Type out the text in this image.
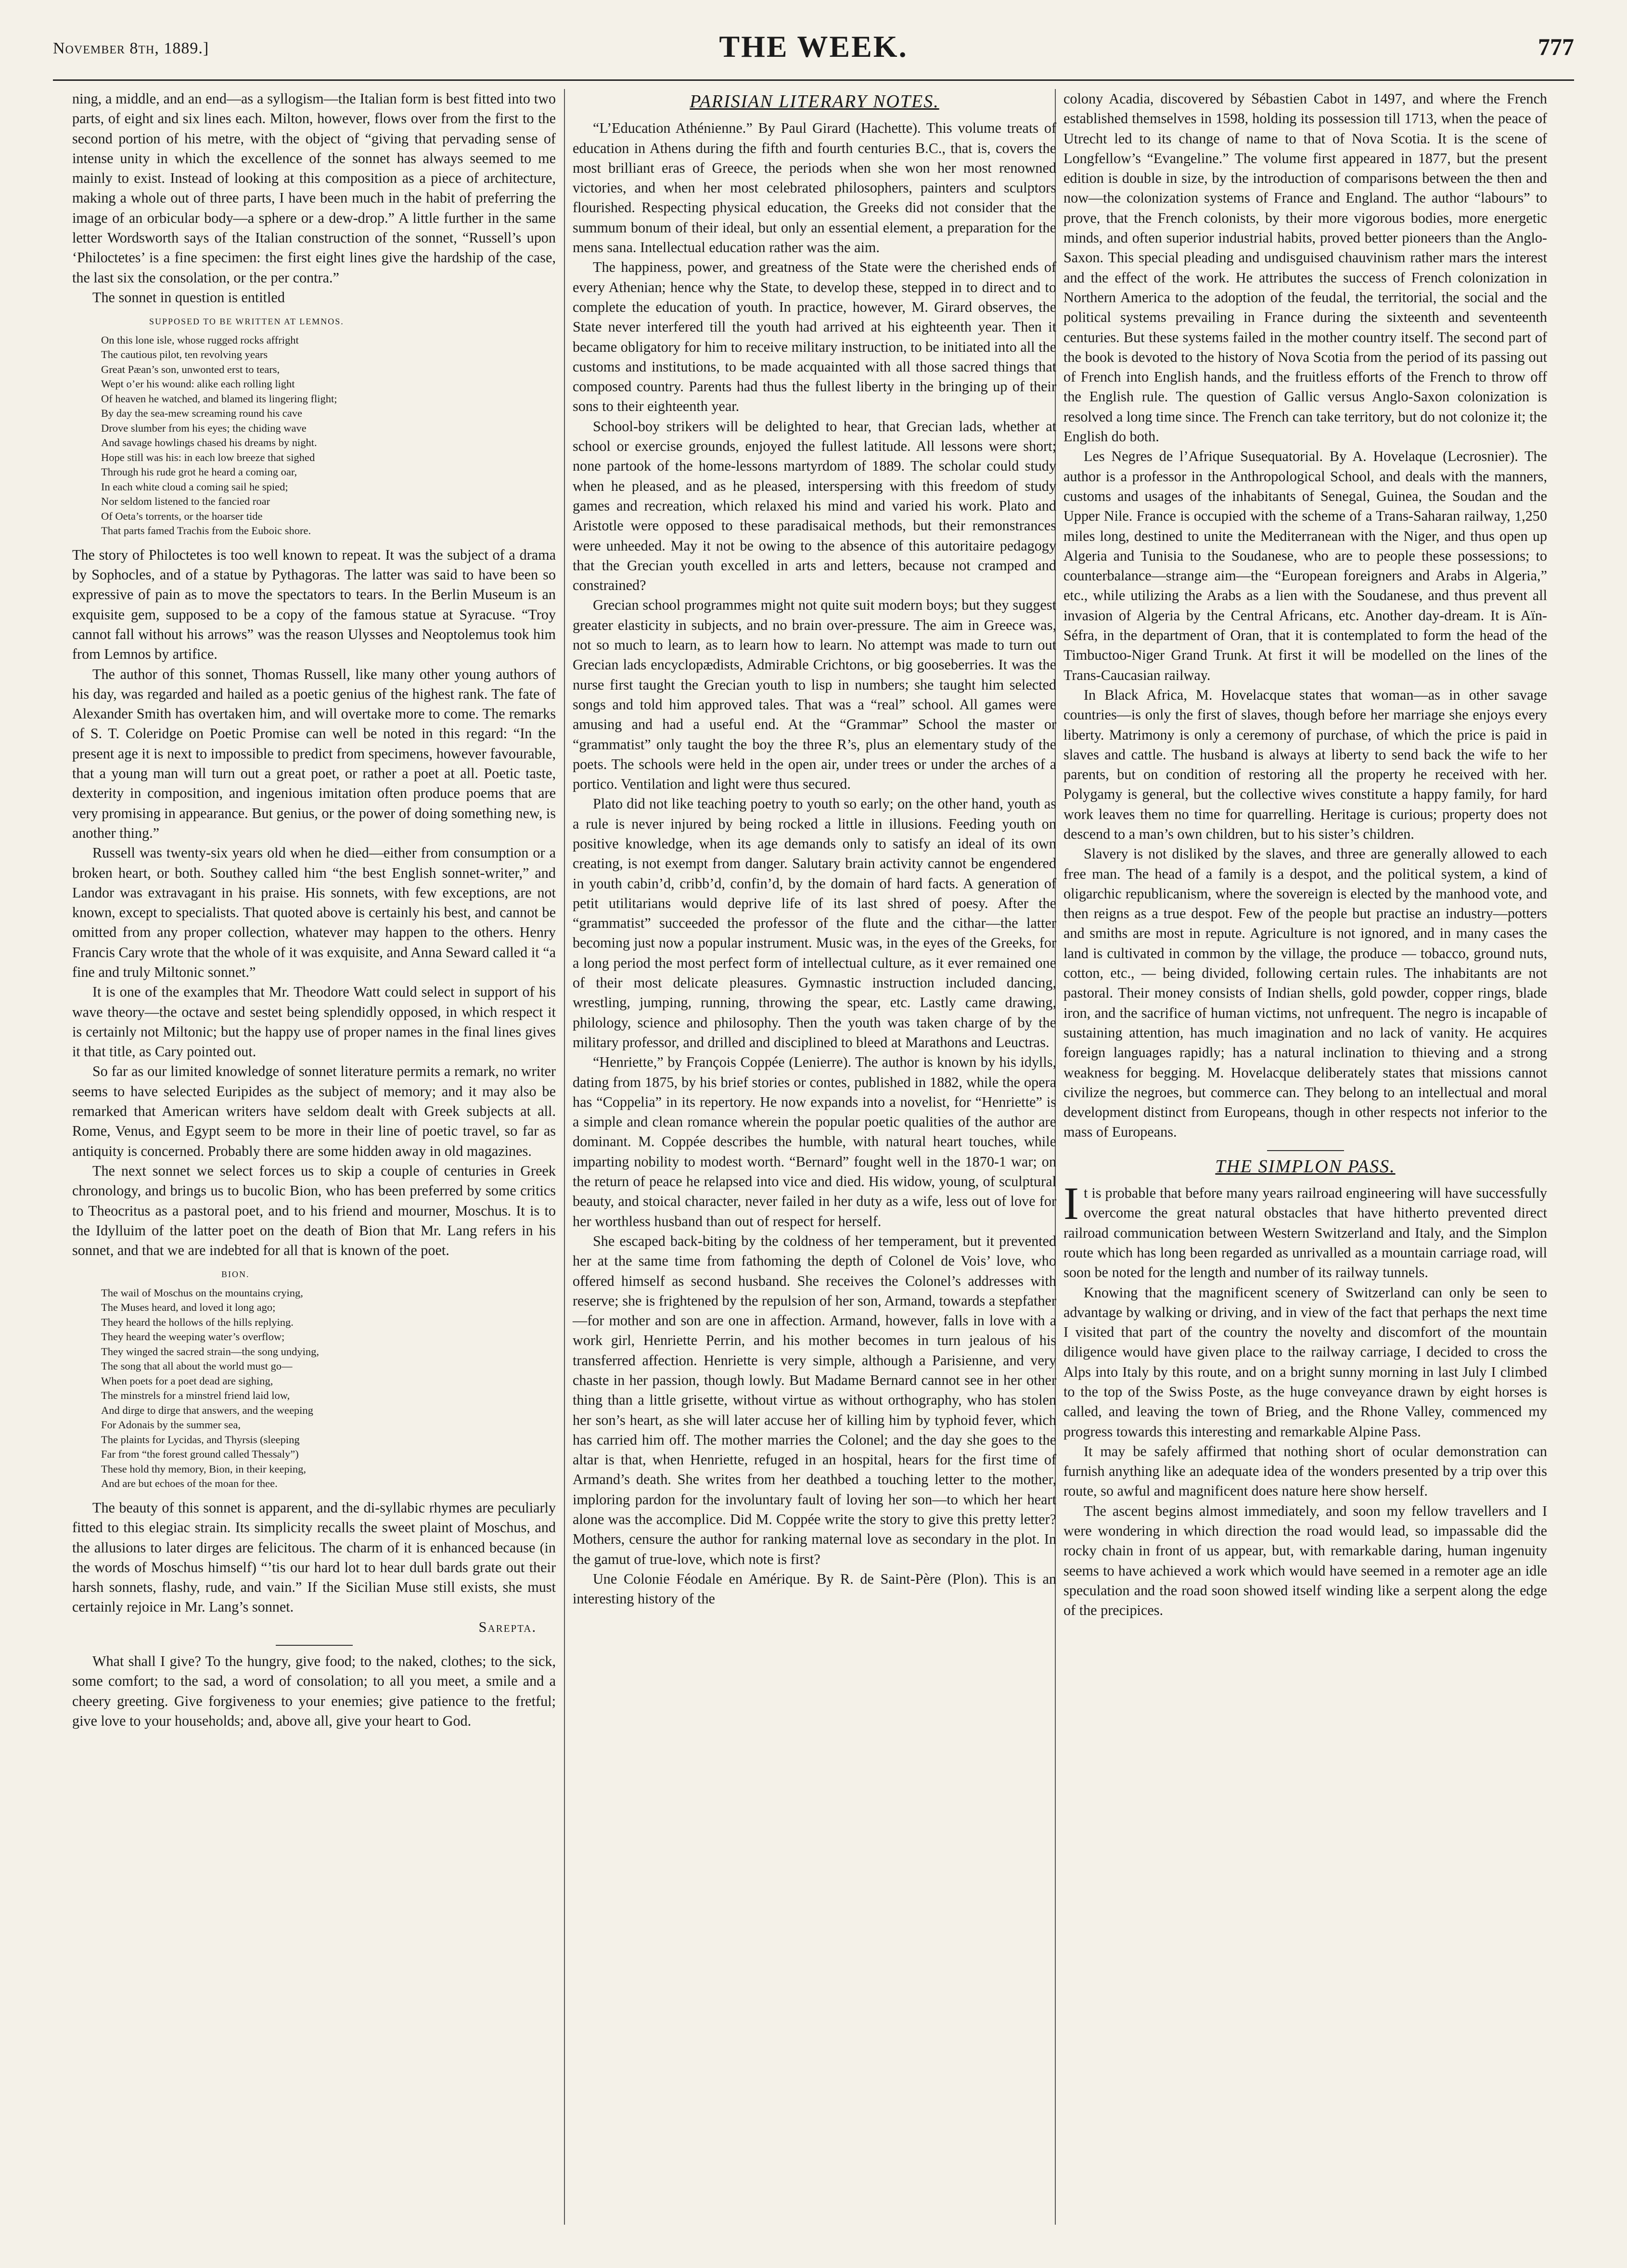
November 8th, 1889.]	THE WEEK.	777

ning, a middle, and an end—as a syllogism—the Italian form is best fitted into two parts, of eight and six lines each. Milton, however, flows over from the first to the second portion of his metre, with the object of “giving that pervading sense of intense unity in which the excellence of the sonnet has always seemed to me mainly to exist. Instead of looking at this composition as a piece of architecture, making a whole out of three parts, I have been much in the habit of preferring the image of an orbicular body—a sphere or a dew-drop.” A little further in the same letter Wordsworth says of the Italian construction of the sonnet, “Russell’s upon ‘Philoctetes’ is a fine specimen: the first eight lines give the hardship of the case, the last six the consolation, or the per contra.”

The sonnet in question is entitled

SUPPOSED TO BE WRITTEN AT LEMNOS.
On this lone isle, whose rugged rocks affright
The cautious pilot, ten revolving years
Great Pæan’s son, unwonted erst to tears,
Wept o’er his wound: alike each rolling light
Of heaven he watched, and blamed its lingering flight;
By day the sea-mew screaming round his cave
Drove slumber from his eyes; the chiding wave
And savage howlings chased his dreams by night.
Hope still was his: in each low breeze that sighed
Through his rude grot he heard a coming oar,
In each white cloud a coming sail he spied;
Nor seldom listened to the fancied roar
Of Oeta’s torrents, or the hoarser tide
That parts famed Trachis from the Euboic shore.

The story of Philoctetes is too well known to repeat. It was the subject of a drama by Sophocles, and of a statue by Pythagoras. The latter was said to have been so expressive of pain as to move the spectators to tears. In the Berlin Museum is an exquisite gem, supposed to be a copy of the famous statue at Syracuse. “Troy cannot fall without his arrows” was the reason Ulysses and Neoptolemus took him from Lemnos by artifice.

The author of this sonnet, Thomas Russell, like many other young authors of his day, was regarded and hailed as a poetic genius of the highest rank. The fate of Alexander Smith has overtaken him, and will overtake more to come. The remarks of S. T. Coleridge on Poetic Promise can well be noted in this regard: “In the present age it is next to impossible to predict from specimens, however favourable, that a young man will turn out a great poet, or rather a poet at all. Poetic taste, dexterity in composition, and ingenious imitation often produce poems that are very promising in appearance. But genius, or the power of doing something new, is another thing.”

Russell was twenty-six years old when he died—either from consumption or a broken heart, or both. Southey called him “the best English sonnet-writer,” and Landor was extravagant in his praise. His sonnets, with few exceptions, are not known, except to specialists. That quoted above is certainly his best, and cannot be omitted from any proper collection, whatever may happen to the others. Henry Francis Cary wrote that the whole of it was exquisite, and Anna Seward called it “a fine and truly Miltonic sonnet.”

It is one of the examples that Mr. Theodore Watt could select in support of his wave theory—the octave and sestet being splendidly opposed, in which respect it is certainly not Miltonic; but the happy use of proper names in the final lines gives it that title, as Cary pointed out.

So far as our limited knowledge of sonnet literature permits a remark, no writer seems to have selected Euripides as the subject of memory; and it may also be remarked that American writers have seldom dealt with Greek subjects at all. Rome, Venus, and Egypt seem to be more in their line of poetic travel, so far as antiquity is concerned. Probably there are some hidden away in old magazines.

The next sonnet we select forces us to skip a couple of centuries in Greek chronology, and brings us to bucolic Bion, who has been preferred by some critics to Theocritus as a pastoral poet, and to his friend and mourner, Moschus. It is to the Idylluim of the latter poet on the death of Bion that Mr. Lang refers in his sonnet, and that we are indebted for all that is known of the poet.

BION.
The wail of Moschus on the mountains crying,
The Muses heard, and loved it long ago;
They heard the hollows of the hills replying.
They heard the weeping water’s overflow;
They winged the sacred strain—the song undying,
The song that all about the world must go—
When poets for a poet dead are sighing,
The minstrels for a minstrel friend laid low,
And dirge to dirge that answers, and the weeping
For Adonais by the summer sea,
The plaints for Lycidas, and Thyrsis (sleeping
Far from “the forest ground called Thessaly”)
These hold thy memory, Bion, in their keeping,
And are but echoes of the moan for thee.

The beauty of this sonnet is apparent, and the di-syllabic rhymes are peculiarly fitted to this elegiac strain. Its simplicity recalls the sweet plaint of Moschus, and the allusions to later dirges are felicitous. The charm of it is enhanced because (in the words of Moschus himself) “’tis our hard lot to hear dull bards grate out their harsh sonnets, flashy, rude, and vain.” If the Sicilian Muse still exists, she must certainly rejoice in Mr. Lang’s sonnet.

Sarepta.

What shall I give? To the hungry, give food; to the naked, clothes; to the sick, some comfort; to the sad, a word of consolation; to all you meet, a smile and a cheery greeting. Give forgiveness to your enemies; give patience to the fretful; give love to your households; and, above all, give your heart to God.

PARISIAN LITERARY NOTES.

“L’Education Athénienne.” By Paul Girard (Hachette). This volume treats of education in Athens during the fifth and fourth centuries B.C., that is, covers the most brilliant eras of Greece, the periods when she won her most renowned victories, and when her most celebrated philosophers, painters and sculptors flourished. Respecting physical education, the Greeks did not consider that the summum bonum of their ideal, but only an essential element, a preparation for the mens sana. Intellectual education rather was the aim.

The happiness, power, and greatness of the State were the cherished ends of every Athenian; hence why the State, to develop these, stepped in to direct and to complete the education of youth. In practice, however, M. Girard observes, the State never interfered till the youth had arrived at his eighteenth year. Then it became obligatory for him to receive military instruction, to be initiated into all the customs and institutions, to be made acquainted with all those sacred things that composed country. Parents had thus the fullest liberty in the bringing up of their sons to their eighteenth year.

School-boy strikers will be delighted to hear, that Grecian lads, whether at school or exercise grounds, enjoyed the fullest latitude. All lessons were short; none partook of the home-lessons martyrdom of 1889. The scholar could study when he pleased, and as he pleased, interspersing with this freedom of study games and recreation, which relaxed his mind and varied his work. Plato and Aristotle were opposed to these paradisaical methods, but their remonstrances were unheeded. May it not be owing to the absence of this autoritaire pedagogy that the Grecian youth excelled in arts and letters, because not cramped and constrained?

Grecian school programmes might not quite suit modern boys; but they suggest greater elasticity in subjects, and no brain over-pressure. The aim in Greece was, not so much to learn, as to learn how to learn. No attempt was made to turn out Grecian lads encyclopædists, Admirable Crichtons, or big gooseberries. It was the nurse first taught the Grecian youth to lisp in numbers; she taught him selected songs and told him approved tales. That was a “real” school. All games were amusing and had a useful end. At the “Grammar” School the master or “grammatist” only taught the boy the three R’s, plus an elementary study of the poets. The schools were held in the open air, under trees or under the arches of a portico. Ventilation and light were thus secured.

Plato did not like teaching poetry to youth so early; on the other hand, youth as a rule is never injured by being rocked a little in illusions. Feeding youth on positive knowledge, when its age demands only to satisfy an ideal of its own creating, is not exempt from danger. Salutary brain activity cannot be engendered in youth cabin’d, cribb’d, confin’d, by the domain of hard facts. A generation of petit utilitarians would deprive life of its last shred of poesy. After the “grammatist” succeeded the professor of the flute and the cithar—the latter becoming just now a popular instrument. Music was, in the eyes of the Greeks, for a long period the most perfect form of intellectual culture, as it ever remained one of their most delicate pleasures. Gymnastic instruction included dancing, wrestling, jumping, running, throwing the spear, etc. Lastly came drawing, philology, science and philosophy. Then the youth was taken charge of by the military professor, and drilled and disciplined to bleed at Marathons and Leuctras.

“Henriette,” by François Coppée (Lenierre). The author is known by his idylls, dating from 1875, by his brief stories or contes, published in 1882, while the opera has “Coppelia” in its repertory. He now expands into a novelist, for “Henriette” is a simple and clean romance wherein the popular poetic qualities of the author are dominant. M. Coppée describes the humble, with natural heart touches, while imparting nobility to modest worth. “Bernard” fought well in the 1870-1 war; on the return of peace he relapsed into vice and died. His widow, young, of sculptural beauty, and stoical character, never failed in her duty as a wife, less out of love for her worthless husband than out of respect for herself.

She escaped back-biting by the coldness of her temperament, but it prevented her at the same time from fathoming the depth of Colonel de Vois’ love, who offered himself as second husband. She receives the Colonel’s addresses with reserve; she is frightened by the repulsion of her son, Armand, towards a stepfather—for mother and son are one in affection. Armand, however, falls in love with a work girl, Henriette Perrin, and his mother becomes in turn jealous of his transferred affection. Henriette is very simple, although a Parisienne, and very chaste in her passion, though lowly. But Madame Bernard cannot see in her other thing than a little grisette, without virtue as without orthography, who has stolen her son’s heart, as she will later accuse her of killing him by typhoid fever, which has carried him off. The mother marries the Colonel; and the day she goes to the altar is that, when Henriette, refuged in an hospital, hears for the first time of Armand’s death. She writes from her deathbed a touching letter to the mother, imploring pardon for the involuntary fault of loving her son—to which her heart alone was the accomplice. Did M. Coppée write the story to give this pretty letter? Mothers, censure the author for ranking maternal love as secondary in the plot. In the gamut of true-love, which note is first?

Une Colonie Féodale en Amérique. By R. de Saint-Père (Plon). This is an interesting history of the

colony Acadia, discovered by Sébastien Cabot in 1497, and where the French established themselves in 1598, holding its possession till 1713, when the peace of Utrecht led to its change of name to that of Nova Scotia. It is the scene of Longfellow’s “Evangeline.” The volume first appeared in 1877, but the present edition is double in size, by the introduction of comparisons between the then and now—the colonization systems of France and England. The author “labours” to prove, that the French colonists, by their more vigorous bodies, more energetic minds, and often superior industrial habits, proved better pioneers than the Anglo-Saxon. This special pleading and undisguised chauvinism rather mars the interest and the effect of the work. He attributes the success of French colonization in Northern America to the adoption of the feudal, the territorial, the social and the political systems prevailing in France during the sixteenth and seventeenth centuries. But these systems failed in the mother country itself. The second part of the book is devoted to the history of Nova Scotia from the period of its passing out of French into English hands, and the fruitless efforts of the French to throw off the English rule. The question of Gallic versus Anglo-Saxon colonization is resolved a long time since. The French can take territory, but do not colonize it; the English do both.

Les Negres de l’Afrique Susequatorial. By A. Hovelaque (Lecrosnier). The author is a professor in the Anthropological School, and deals with the manners, customs and usages of the inhabitants of Senegal, Guinea, the Soudan and the Upper Nile. France is occupied with the scheme of a Trans-Saharan railway, 1,250 miles long, destined to unite the Mediterranean with the Niger, and thus open up Algeria and Tunisia to the Soudanese, who are to people these possessions; to counterbalance—strange aim—the “European foreigners and Arabs in Algeria,” etc., while utilizing the Arabs as a lien with the Soudanese, and thus prevent all invasion of Algeria by the Central Africans, etc. Another day-dream. It is Aïn-Séfra, in the department of Oran, that it is contemplated to form the head of the Timbuctoo-Niger Grand Trunk. At first it will be modelled on the lines of the Trans-Caucasian railway.

In Black Africa, M. Hovelacque states that woman—as in other savage countries—is only the first of slaves, though before her marriage she enjoys every liberty. Matrimony is only a ceremony of purchase, of which the price is paid in slaves and cattle. The husband is always at liberty to send back the wife to her parents, but on condition of restoring all the property he received with her. Polygamy is general, but the collective wives constitute a happy family, for hard work leaves them no time for quarrelling. Heritage is curious; property does not descend to a man’s own children, but to his sister’s children.

Slavery is not disliked by the slaves, and three are generally allowed to each free man. The head of a family is a despot, and the political system, a kind of oligarchic republicanism, where the sovereign is elected by the manhood vote, and then reigns as a true despot. Few of the people but practise an industry—potters and smiths are most in repute. Agriculture is not ignored, and in many cases the land is cultivated in common by the village, the produce — tobacco, ground nuts, cotton, etc., — being divided, following certain rules. The inhabitants are not pastoral. Their money consists of Indian shells, gold powder, copper rings, blade iron, and the sacrifice of human victims, not unfrequent. The negro is incapable of sustaining attention, has much imagination and no lack of vanity. He acquires foreign languages rapidly; has a natural inclination to thieving and a strong weakness for begging. M. Hovelacque deliberately states that missions cannot civilize the negroes, but commerce can. They belong to an intellectual and moral development distinct from Europeans, though in other respects not inferior to the mass of Europeans.

THE SIMPLON PASS.

It is probable that before many years railroad engineering will have successfully overcome the great natural obstacles that have hitherto prevented direct railroad communication between Western Switzerland and Italy, and the Simplon route which has long been regarded as unrivalled as a mountain carriage road, will soon be noted for the length and number of its railway tunnels.

Knowing that the magnificent scenery of Switzerland can only be seen to advantage by walking or driving, and in view of the fact that perhaps the next time I visited that part of the country the novelty and discomfort of the mountain diligence would have given place to the railway carriage, I decided to cross the Alps into Italy by this route, and on a bright sunny morning in last July I climbed to the top of the Swiss Poste, as the huge conveyance drawn by eight horses is called, and leaving the town of Brieg, and the Rhone Valley, commenced my progress towards this interesting and remarkable Alpine Pass.

It may be safely affirmed that nothing short of ocular demonstration can furnish anything like an adequate idea of the wonders presented by a trip over this route, so awful and magnificent does nature here show herself.

The ascent begins almost immediately, and soon my fellow travellers and I were wondering in which direction the road would lead, so impassable did the rocky chain in front of us appear, but, with remarkable daring, human ingenuity seems to have achieved a work which would have seemed in a remoter age an idle speculation and the road soon showed itself winding like a serpent along the edge of the precipices.
